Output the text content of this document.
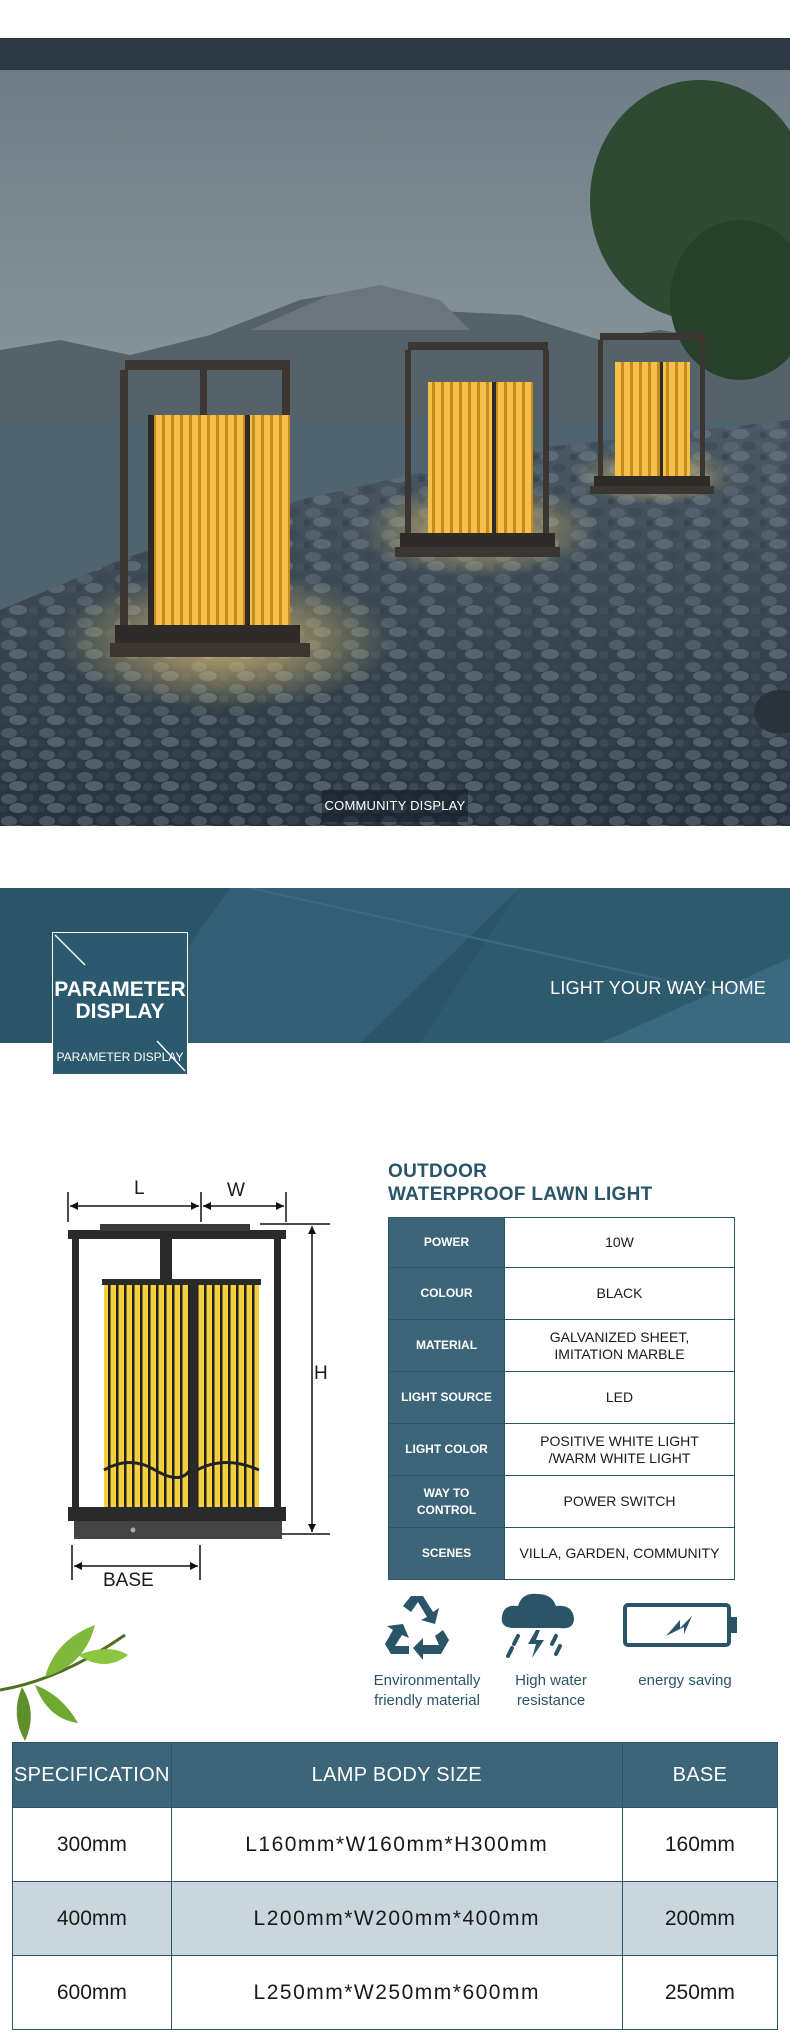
COMMUNITY DISPLAY
PARAMETER
DISPLAY
PARAMETER DISPLAY
LIGHT YOUR WAY HOME
L	W
H
BASE
OUTDOOR
WATERPROOF LAWN LIGHT
POWER	10W
COLOUR	BLACK
MATERIAL	GALVANIZED SHEET,
IMITATION MARBLE
LIGHT SOURCE	LED
LIGHT COLOR	POSITIVE WHITE LIGHT
/WARM WHITE LIGHT
WAY TO CONTROL	POWER SWITCH
SCENES	VILLA, GARDEN, COMMUNITY
Environmentally
friendly material
High water
resistance
energy saving
SPECIFICATION	LAMP BODY SIZE	BASE
300mm	L160mm*W160mm*H300mm	160mm
400mm	L200mm*W200mm*400mm	200mm
600mm	L250mm*W250mm*600mm	250mm
